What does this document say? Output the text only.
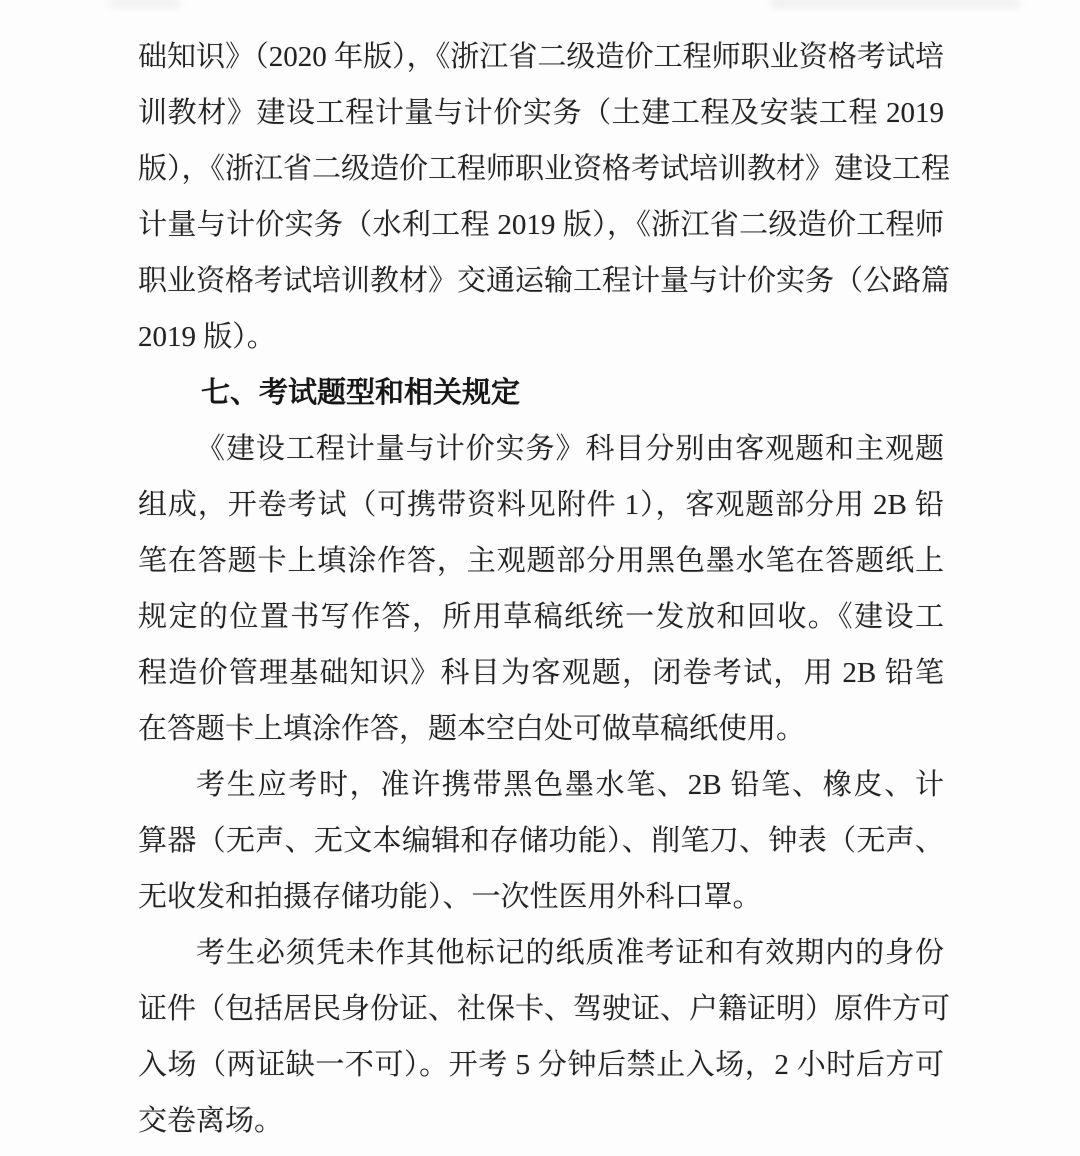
础知识》（2020 年版），《浙江省二级造价工程师职业资格考试培
训教材》建设工程计量与计价实务（土建工程及安装工程 2019
版），《浙江省二级造价工程师职业资格考试培训教材》建设工程
计量与计价实务（水利工程 2019 版），《浙江省二级造价工程师
职业资格考试培训教材》交通运输工程计量与计价实务（公路篇
2019 版）。
七、考试题型和相关规定
《建设工程计量与计价实务》科目分别由客观题和主观题
组成，开卷考试（可携带资料见附件 1），客观题部分用 2B 铅
笔在答题卡上填涂作答，主观题部分用黑色墨水笔在答题纸上
规定的位置书写作答，所用草稿纸统一发放和回收。《建设工
程造价管理基础知识》科目为客观题，闭卷考试，用 2B 铅笔
在答题卡上填涂作答，题本空白处可做草稿纸使用。
考生应考时，准许携带黑色墨水笔、2B 铅笔、橡皮、计
算器（无声、无文本编辑和存储功能）、削笔刀、钟表（无声、
无收发和拍摄存储功能）、一次性医用外科口罩。
考生必须凭未作其他标记的纸质准考证和有效期内的身份
证件（包括居民身份证、社保卡、驾驶证、户籍证明）原件方可
入场（两证缺一不可）。开考 5 分钟后禁止入场，2 小时后方可
交卷离场。
